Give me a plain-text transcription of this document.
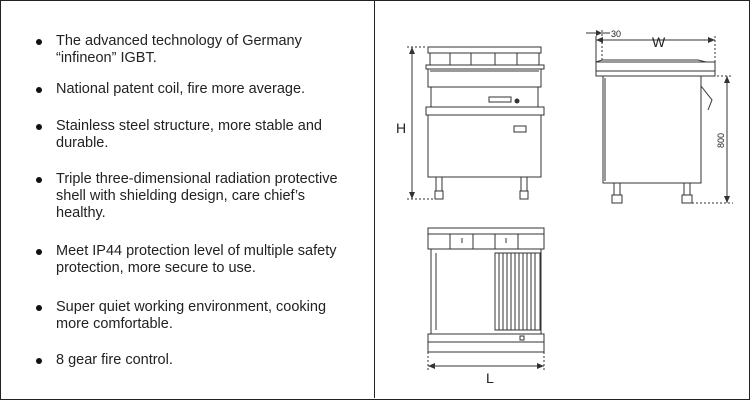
The advanced technology of Germany “infineon” IGBT.
National patent coil, fire more average.
Stainless steel structure, more stable and durable.
Triple three-dimensional radiation protective shell with shielding design, care chief’s healthy.
Meet IP44 protection level of multiple safety protection, more secure to use.
Super quiet working environment, cooking more comfortable.
8 gear fire control.
H
W
30
800
L
